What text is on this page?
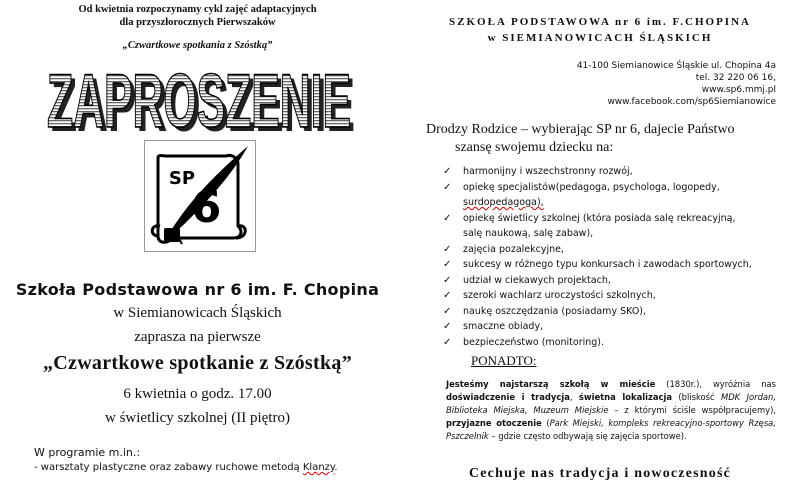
Od kwietnia rozpoczynamy cykl zajęć adaptacyjnych
dla przyszłorocznych Pierwszaków
„Czwartkowe spotkania z Szóstką”
ZAPROSZENIE
ZAPROSZENIE
SP
6
Szkoła Podstawowa nr 6 im. F. Chopina
w Siemianowicach Śląskich
zaprasza na pierwsze
„Czwartkowe spotkanie z Szóstką”
6 kwietnia o godz. 17.00
w świetlicy szkolnej (II piętro)
W programie m.in.:
- warsztaty plastyczne oraz zabawy ruchowe metodą Klanzy.
SZKOŁA PODSTAWOWA nr 6 im. F.CHOPINA
w SIEMIANOWICACH ŚLĄSKICH
41-100 Siemianowice Śląskie ul. Chopina 4a
tel. 32 220 06 16,
www.sp6.mmj.pl
www.facebook.com/sp6Siemianowice
Drodzy Rodzice – wybierając SP nr 6, dajecie Państwo
szansę swojemu dziecku na:
✓ harmonijny i wszechstronny rozwój,
✓ opiekę specjalistów(pedagoga, psychologa, logopedy,
surdopedagoga),
✓ opiekę świetlicy szkolnej (która posiada salę rekreacyjną,
salę naukową, salę zabaw),
✓ zajęcia pozalekcyjne,
✓ sukcesy w różnego typu konkursach i zawodach sportowych,
✓ udział w ciekawych projektach,
✓ szeroki wachlarz uroczystości szkolnych,
✓ naukę oszczędzania (posiadamy SKO),
✓ smaczne obiady,
✓ bezpieczeństwo (monitoring).
PONADTO:
Jesteśmy najstarszą szkołą w mieście (1830r.), wyróżnia nas doświadczenie i tradycja, świetna lokalizacja (bliskość MDK Jordan, Biblioteka Miejska, Muzeum Miejskie – z którymi ściśle współpracujemy), przyjazne otoczenie (Park Miejski, kompleks rekreacyjno-sportowy Rzęsa, Pszczelnik – gdzie często odbywają się zajęcia sportowe).
Cechuje nas tradycja i nowoczesność
